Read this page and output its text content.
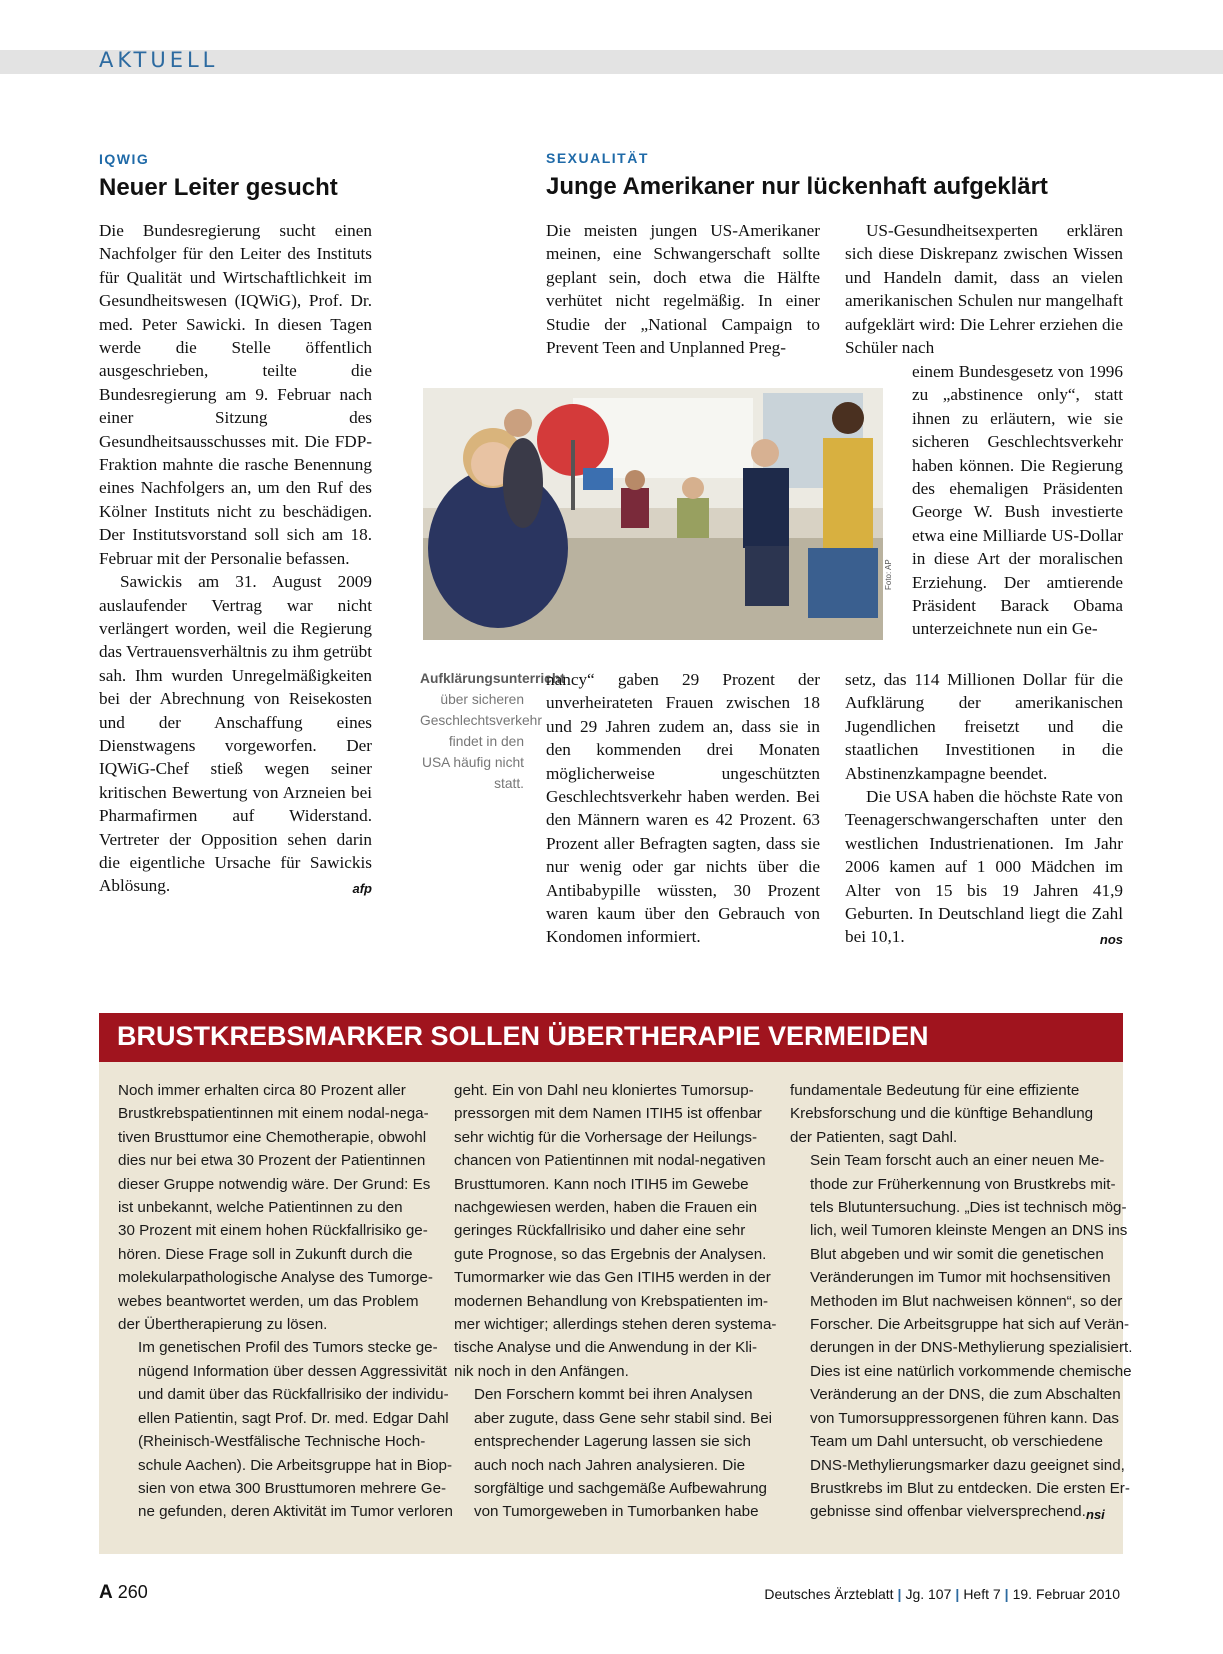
AKTUELL
IQWIG
Neuer Leiter gesucht

Die Bundesregierung sucht einen Nachfolger für den Leiter des Instituts für Qualität und Wirtschaftlichkeit im Gesundheitswesen (IQWiG), Prof. Dr. med. Peter Sawicki. In diesen Tagen werde die Stelle öffentlich ausgeschrieben, teilte die Bundesregierung am 9. Februar nach einer Sitzung des Gesundheitsausschusses mit. Die FDP-Fraktion mahnte die rasche Benennung eines Nachfolgers an, um den Ruf des Kölner Instituts nicht zu beschädigen. Der Institutsvorstand soll sich am 18. Februar mit der Personalie befassen.

Sawickis am 31. August 2009 auslaufender Vertrag war nicht verlängert worden, weil die Regierung das Vertrauensverhältnis zu ihm getrübt sah. Ihm wurden Unregelmäßigkeiten bei der Abrechnung von Reisekosten und der Anschaffung eines Dienstwagens vorgeworfen. Der IQWiG-Chef stieß wegen seiner kritischen Bewertung von Arzneien bei Pharmafirmen auf Widerstand. Vertreter der Opposition sehen darin die eigentliche Ursache für Sawickis Ablösung.	afp

SEXUALITÄT
Junge Amerikaner nur lückenhaft aufgeklärt

Die meisten jungen US-Amerikaner meinen, eine Schwangerschaft sollte geplant sein, doch etwa die Hälfte verhütet nicht regelmäßig. In einer Studie der „National Campaign to Prevent Teen and Unplanned Preg-

Foto: AP
Aufklärungsunterricht über sicheren Geschlechtsverkehr findet in den USA häufig nicht statt.

nancy“ gaben 29 Prozent der unverheirateten Frauen zwischen 18 und 29 Jahren zudem an, dass sie in den kommenden drei Monaten möglicherweise ungeschützten Geschlechtsverkehr haben werden. Bei den Männern waren es 42 Prozent. 63 Prozent aller Befragten sagten, dass sie nur wenig oder gar nichts über die Antibabypille wüssten, 30 Prozent waren kaum über den Gebrauch von Kondomen informiert.

US-Gesundheitsexperten erklären sich diese Diskrepanz zwischen Wissen und Handeln damit, dass an vielen amerikanischen Schulen nur mangelhaft aufgeklärt wird: Die Lehrer erziehen die Schüler nach

einem Bundesgesetz von 1996 zu „abstinence only“, statt ihnen zu erläutern, wie sie sicheren Geschlechtsverkehr haben können. Die Regierung des ehemaligen Präsidenten George W. Bush investierte etwa eine Milliarde US-Dollar in diese Art der moralischen Erziehung. Der amtierende Präsident Barack Obama unterzeichnete nun ein Ge-

setz, das 114 Millionen Dollar für die Aufklärung der amerikanischen Jugendlichen freisetzt und die staatlichen Investitionen in die Abstinenzkampagne beendet.

Die USA haben die höchste Rate von Teenagerschwangerschaften unter den westlichen Industrienationen. Im Jahr 2006 kamen auf 1 000 Mädchen im Alter von 15 bis 19 Jahren 41,9 Geburten. In Deutschland liegt die Zahl bei 10,1.	nos

BRUSTKREBSMARKER SOLLEN ÜBERTHERAPIE VERMEIDEN

Noch immer erhalten circa 80 Prozent aller
Brustkrebspatientinnen mit einem nodal-nega-
tiven Brusttumor eine Chemotherapie, obwohl
dies nur bei etwa 30 Prozent der Patientinnen
dieser Gruppe notwendig wäre. Der Grund: Es
ist unbekannt, welche Patientinnen zu den
30 Prozent mit einem hohen Rückfallrisiko ge-
hören. Diese Frage soll in Zukunft durch die
molekularpathologische Analyse des Tumorge-
webes beantwortet werden, um das Problem
der Übertherapierung zu lösen.

Im genetischen Profil des Tumors stecke ge-
nügend Information über dessen Aggressivität
und damit über das Rückfallrisiko der individu-
ellen Patientin, sagt Prof. Dr. med. Edgar Dahl
(Rheinisch-Westfälische Technische Hoch-
schule Aachen). Die Arbeitsgruppe hat in Biop-
sien von etwa 300 Brusttumoren mehrere Ge-
ne gefunden, deren Aktivität im Tumor verloren

geht. Ein von Dahl neu kloniertes Tumorsup-
pressorgen mit dem Namen ITIH5 ist offenbar
sehr wichtig für die Vorhersage der Heilungs-
chancen von Patientinnen mit nodal-negativen
Brusttumoren. Kann noch ITIH5 im Gewebe
nachgewiesen werden, haben die Frauen ein
geringes Rückfallrisiko und daher eine sehr
gute Prognose, so das Ergebnis der Analysen.
Tumormarker wie das Gen ITIH5 werden in der
modernen Behandlung von Krebspatienten im-
mer wichtiger; allerdings stehen deren systema-
tische Analyse und die Anwendung in der Kli-
nik noch in den Anfängen.

Den Forschern kommt bei ihren Analysen
aber zugute, dass Gene sehr stabil sind. Bei
entsprechender Lagerung lassen sie sich
auch noch nach Jahren analysieren. Die
sorgfältige und sachgemäße Aufbewahrung
von Tumorgeweben in Tumorbanken habe

fundamentale Bedeutung für eine effiziente
Krebsforschung und die künftige Behandlung
der Patienten, sagt Dahl.

Sein Team forscht auch an einer neuen Me-
thode zur Früherkennung von Brustkrebs mit-
tels Blutuntersuchung. „Dies ist technisch mög-
lich, weil Tumoren kleinste Mengen an DNS ins
Blut abgeben und wir somit die genetischen
Veränderungen im Tumor mit hochsensitiven
Methoden im Blut nachweisen können“, so der
Forscher. Die Arbeitsgruppe hat sich auf Verän-
derungen in der DNS-Methylierung spezialisiert.
Dies ist eine natürlich vorkommende chemische
Veränderung an der DNS, die zum Abschalten
von Tumorsuppressorgenen führen kann. Das
Team um Dahl untersucht, ob verschiedene
DNS-Methylierungsmarker dazu geeignet sind,
Brustkrebs im Blut zu entdecken. Die ersten Er-
gebnisse sind offenbar vielversprechend. nsi
A 260	Deutsches Ärzteblatt | Jg. 107 | Heft 7 | 19. Februar 2010
